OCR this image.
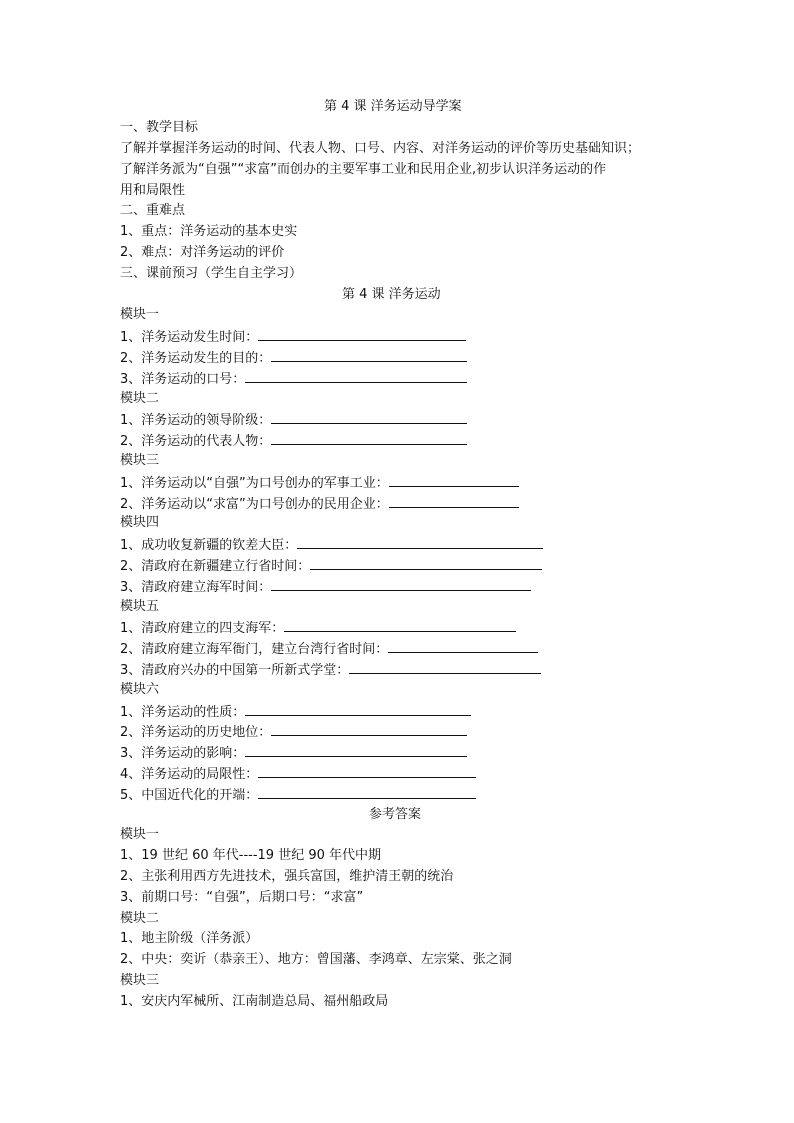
第 4 课 洋务运动导学案
一、教学目标
了解并掌握洋务运动的时间、代表人物、口号、内容、对洋务运动的评价等历史基础知识；
了解洋务派为“自强”“求富”而创办的主要军事工业和民用企业,初步认识洋务运动的作
用和局限性
二、重难点
1、重点：洋务运动的基本史实
2、难点：对洋务运动的评价
三、课前预习（学生自主学习）
第 4 课 洋务运动
模块一
1、洋务运动发生时间：
2、洋务运动发生的目的：
3、洋务运动的口号：
模块二
1、洋务运动的领导阶级：
2、洋务运动的代表人物：
模块三
1、洋务运动以“自强”为口号创办的军事工业：
2、洋务运动以“求富”为口号创办的民用企业：
模块四
1、成功收复新疆的钦差大臣：
2、清政府在新疆建立行省时间：
3、清政府建立海军时间：
模块五
1、清政府建立的四支海军：
2、清政府建立海军衙门，建立台湾行省时间：
3、清政府兴办的中国第一所新式学堂：
模块六
1、洋务运动的性质：
2、洋务运动的历史地位：
3、洋务运动的影响：
4、洋务运动的局限性：
5、中国近代化的开端：
参考答案
模块一
1、19 世纪 60 年代----19 世纪 90 年代中期
2、主张利用西方先进技术，强兵富国，维护清王朝的统治
3、前期口号：“自强”，后期口号：“求富”
模块二
1、地主阶级（洋务派）
2、中央：奕䜣（恭亲王）、地方：曾国藩、李鸿章、左宗棠、张之洞
模块三
1、安庆内军械所、江南制造总局、福州船政局
